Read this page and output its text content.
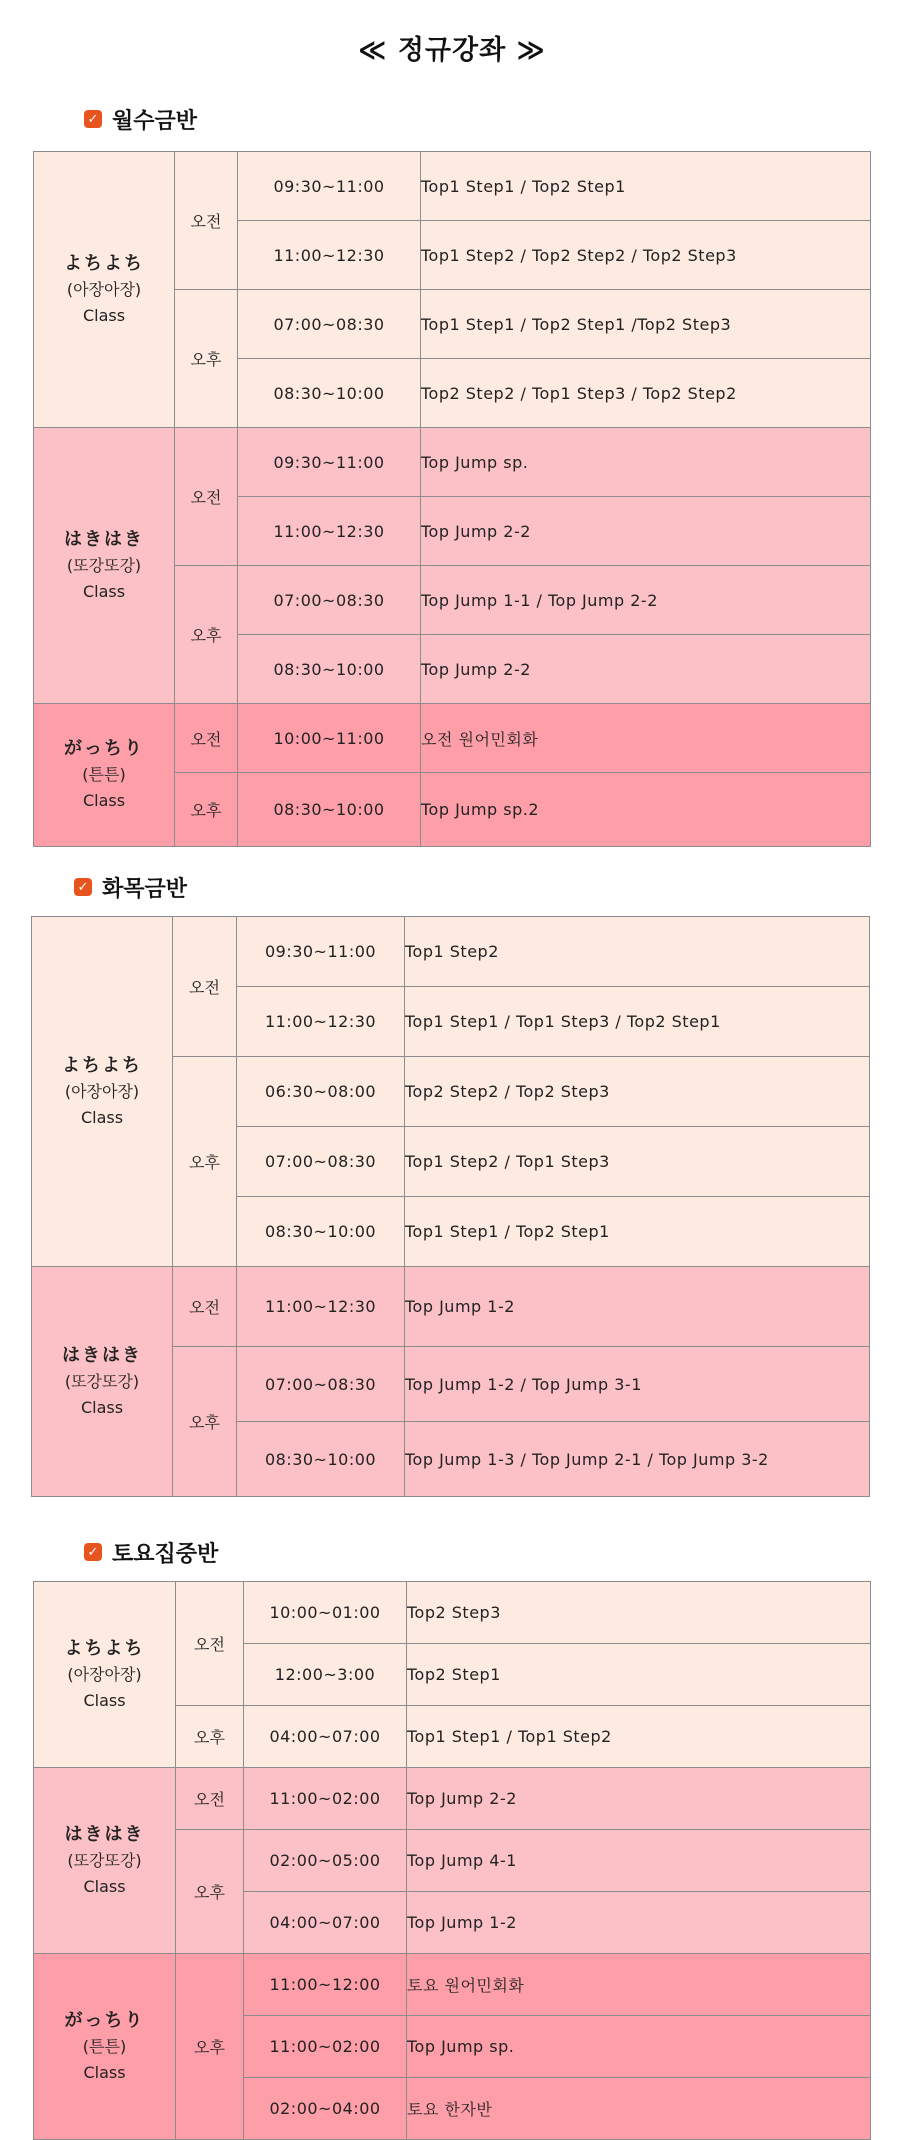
≪ 정규강좌 ≫
✓ 월수금반
よちよち
(아장아장)
Class	오전	09:30~11:00	Top1 Step1 / Top2 Step1
		11:00~12:30	Top1 Step2 / Top2 Step2 / Top2 Step3
	오후	07:00~08:30	Top1 Step1 / Top2 Step1 /Top2 Step3
		08:30~10:00	Top2 Step2 / Top1 Step3 / Top2 Step2

はきはき
(또강또강)
Class	오전	09:30~11:00	Top Jump sp.
		11:00~12:30	Top Jump 2-2
	오후	07:00~08:30	Top Jump 1-1 / Top Jump 2-2
		08:30~10:00	Top Jump 2-2

がっちり
(튼튼)
Class	오전	10:00~11:00	오전 원어민회화
	오후	08:30~10:00	Top Jump sp.2
✓ 화목금반
よちよち
(아장아장)
Class	오전	09:30~11:00	Top1 Step2
		11:00~12:30	Top1 Step1 / Top1 Step3 / Top2 Step1
	오후	06:30~08:00	Top2 Step2 / Top2 Step3
		07:00~08:30	Top1 Step2 / Top1 Step3
		08:30~10:00	Top1 Step1 / Top2 Step1

はきはき
(또강또강)
Class	오전	11:00~12:30	Top Jump 1-2
	오후	07:00~08:30	Top Jump 1-2 / Top Jump 3-1
		08:30~10:00	Top Jump 1-3 / Top Jump 2-1 / Top Jump 3-2
✓ 토요집중반
よちよち
(아장아장)
Class	오전	10:00~01:00	Top2 Step3
		12:00~3:00	Top2 Step1
	오후	04:00~07:00	Top1 Step1 / Top1 Step2

はきはき
(또강또강)
Class	오전	11:00~02:00	Top Jump 2-2
	오후	02:00~05:00	Top Jump 4-1
		04:00~07:00	Top Jump 1-2

がっちり
(튼튼)
Class	오후	11:00~12:00	토요 원어민회화
		11:00~02:00	Top Jump sp.
		02:00~04:00	토요 한자반
